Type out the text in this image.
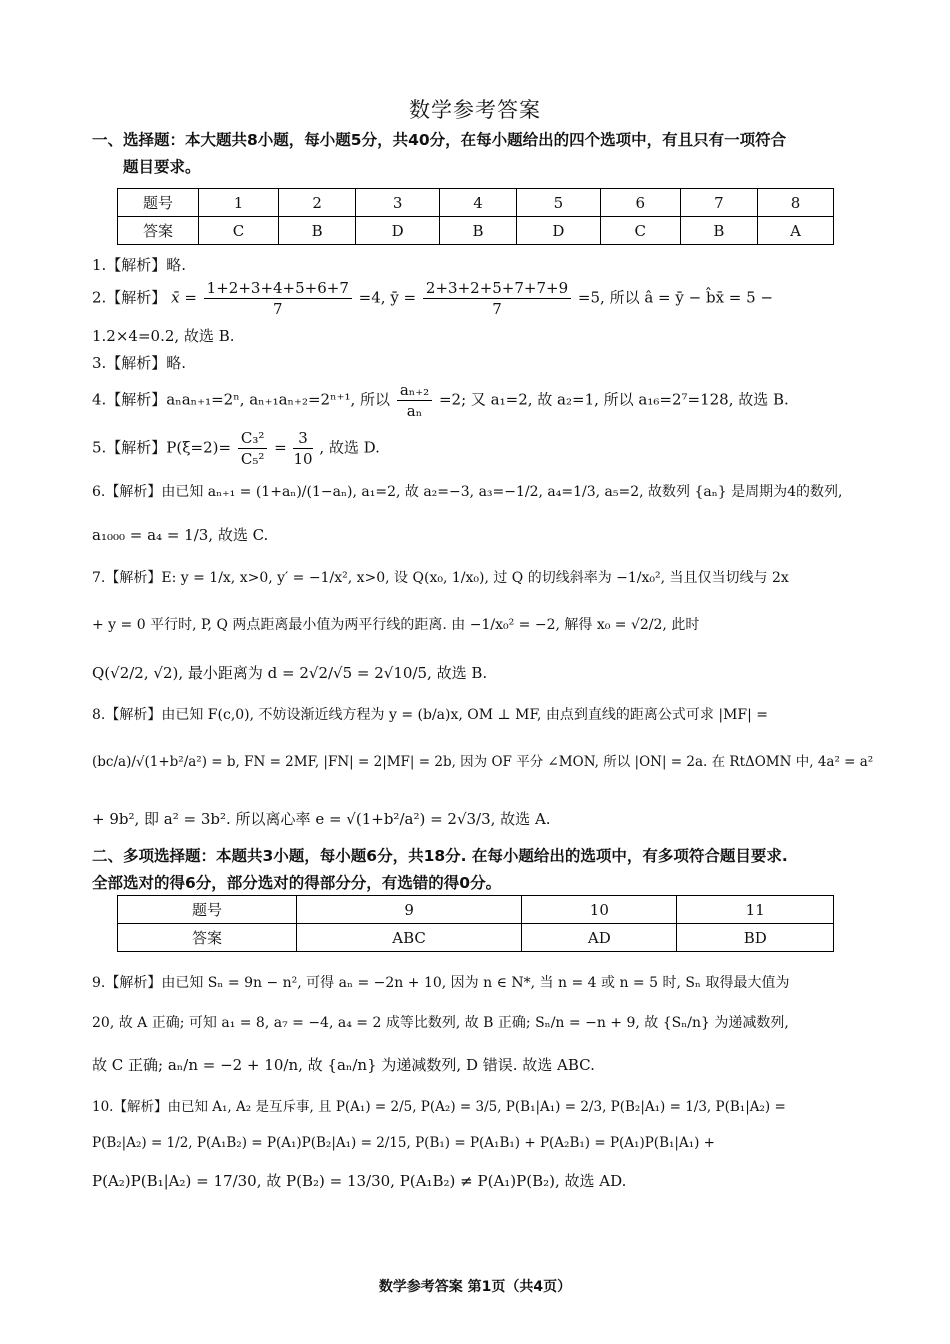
数学参考答案
一、选择题：本大题共8小题，每小题5分，共40分，在每小题给出的四个选项中，有且只有一项符合
题目要求。
题号	1	2	3	4	5	6	7	8
答案	C	B	D	B	D	C	B	A
1.【解析】略.
2.【解析】 x̄ = $\frac{1+2+3+4+5+6+7}{7} =4$, ȳ = $\frac{2+3+2+5+7+7+9}{7} =5$, 所以 â = ȳ − b̂x̄ = 5 −
1.2×4=0.2, 故选 B.
3.【解析】略.
4.【解析】aₙaₙ₊₁=2ⁿ, aₙ₊₁aₙ₊₂=2ⁿ⁺¹, 所以 $\frac{\text{aₙ₊₂}}{\text{aₙ}} =2$; 又 a₁=2, 故 a₂=1, 所以 a₁₆=2⁷=128, 故选 B.
5.【解析】$P(\xi=2)= \frac{\text{C₃²}}{\text{C₅²}} = \frac{3}{10}$ , 故选 D.
6.【解析】由已知 aₙ₊₁ = (1+aₙ)/(1−aₙ), a₁=2, 故 a₂=−3, a₃=−1/2, a₄=1/3, a₅=2, 故数列 {aₙ} 是周期为4的数列,
a₁₀₀₀ = a₄ = 1/3, 故选 C.
7.【解析】E: y = 1/x, x>0, y′ = −1/x², x>0, 设 Q(x₀, 1/x₀), 过 Q 的切线斜率为 −1/x₀², 当且仅当切线与 2x
+ y = 0 平行时, P, Q 两点距离最小值为两平行线的距离. 由 −1/x₀² = −2, 解得 x₀ = √2/2, 此时
Q(√2/2, √2), 最小距离为 d = 2√2/√5 = 2√10/5, 故选 B.
8.【解析】由已知 F(c,0), 不妨设渐近线方程为 y = (b/a)x, OM ⊥ MF, 由点到直线的距离公式可求 |MF| =
(bc/a)/√(1+b²/a²) = b, FN = 2MF, |FN| = 2|MF| = 2b, 因为 OF 平分 ∠MON, 所以 |ON| = 2a. 在 RtΔOMN 中, 4a² = a²
+ 9b², 即 a² = 3b². 所以离心率 e = √(1+b²/a²) = 2√3/3, 故选 A.
二、多项选择题：本题共3小题，每小题6分，共18分. 在每小题给出的选项中，有多项符合题目要求.
全部选对的得6分，部分选对的得部分分，有选错的得0分。
题号	9	10	11
答案	ABC	AD	BD
9.【解析】由已知 Sₙ = 9n − n², 可得 aₙ = −2n + 10, 因为 n ∈ N*, 当 n = 4 或 n = 5 时, Sₙ 取得最大值为
20, 故 A 正确; 可知 a₁ = 8, a₇ = −4, a₄ = 2 成等比数列, 故 B 正确; Sₙ/n = −n + 9, 故 {Sₙ/n} 为递减数列,
故 C 正确; aₙ/n = −2 + 10/n, 故 {aₙ/n} 为递减数列, D 错误. 故选 ABC.
10.【解析】由已知 A₁, A₂ 是互斥事, 且 P(A₁) = 2/5, P(A₂) = 3/5, P(B₁|A₁) = 2/3, P(B₂|A₁) = 1/3, P(B₁|A₂) =
P(B₂|A₂) = 1/2, P(A₁B₂) = P(A₁)P(B₂|A₁) = 2/15, P(B₁) = P(A₁B₁) + P(A₂B₁) = P(A₁)P(B₁|A₁) +
P(A₂)P(B₁|A₂) = 17/30, 故 P(B₂) = 13/30, P(A₁B₂) ≠ P(A₁)P(B₂), 故选 AD.
数学参考答案 第1页（共4页）
